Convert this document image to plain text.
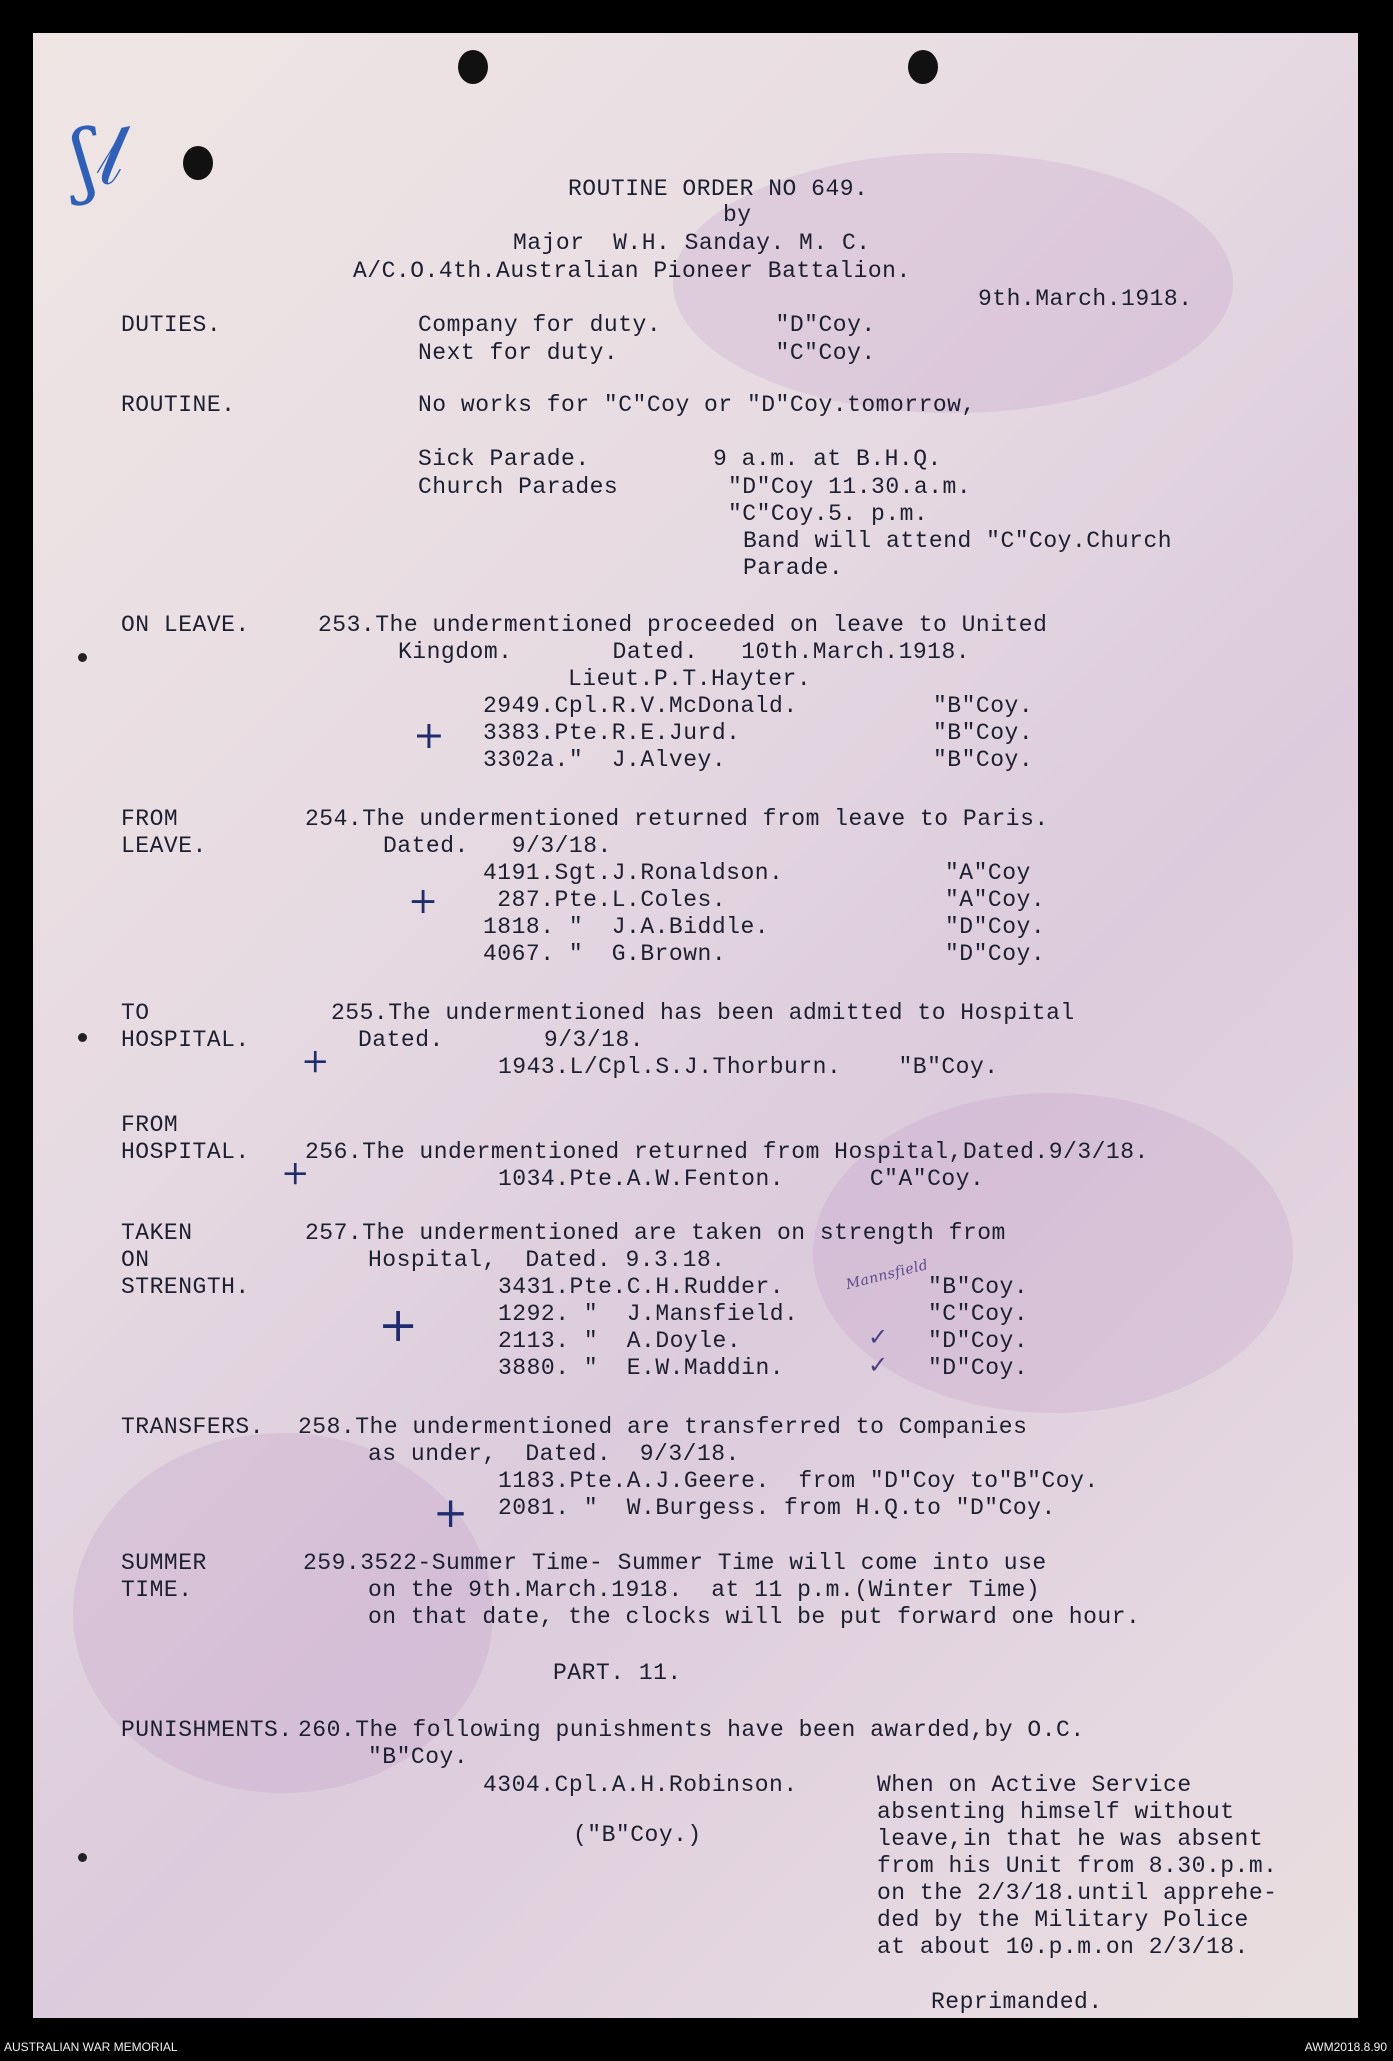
ʃ𝓁	ROUTINE ORDER NO 649.
by
Major  W.H. Sanday. M. C.
A/C.O.4th.Australian Pioneer Battalion.
9th.March.1918.
DUTIES.	Company for duty.        "D"Coy.
Next for duty.           "C"Coy.
ROUTINE.	No works for "C"Coy or "D"Coy.tomorrow,
Sick Parade.	9 a.m. at B.H.Q.
Church Parades	"D"Coy 11.30.a.m.
"C"Coy.5. p.m.
Band will attend "C"Coy.Church
Parade.
ON LEAVE.	253.The undermentioned proceeded on leave to United
Kingdom.       Dated.   10th.March.1918.
Lieut.P.T.Hayter.
2949.Cpl.R.V.McDonald.	"B"Coy.
3383.Pte.R.E.Jurd.	"B"Coy.
3302a."  J.Alvey.	"B"Coy.
+
FROM
LEAVE.
254.The undermentioned returned from leave to Paris.
Dated.   9/3/18.
4191.Sgt.J.Ronaldson.	"A"Coy
287.Pte.L.Coles.	"A"Coy.
1818. "  J.A.Biddle.	"D"Coy.
4067. "  G.Brown.	"D"Coy.
+
TO
HOSPITAL.
255.The undermentioned has been admitted to Hospital
Dated.       9/3/18.
1943.L/Cpl.S.J.Thorburn.    "B"Coy.
+
FROM
HOSPITAL. 256.The undermentioned returned from Hospital,Dated.9/3/18.
1034.Pte.A.W.Fenton.      C"A"Coy.
+
TAKEN
ON
STRENGTH.
257.The undermentioned are taken on strength from
Hospital,  Dated. 9.3.18.
3431.Pte.C.H.Rudder.	"B"Coy.
1292. "  J.Mansfield.	"C"Coy.
2113. "  A.Doyle.	"D"Coy.
3880. "  E.W.Maddin.	"D"Coy.
Mannsfield
+	✓
✓
TRANSFERS. 258.The undermentioned are transferred to Companies
as under,  Dated.  9/3/18.
1183.Pte.A.J.Geere.  from "D"Coy to"B"Coy.
2081. "  W.Burgess. from H.Q.to "D"Coy.
+
SUMMER
TIME.
259.3522-Summer Time- Summer Time will come into use
on the 9th.March.1918.  at 11 p.m.(Winter Time)
on that date, the clocks will be put forward one hour.
PART. 11.
PUNISHMENTS. 260.The following punishments have been awarded,by O.C.
"B"Coy.
4304.Cpl.A.H.Robinson.
("B"Coy.)
When on Active Service
absenting himself without
leave,in that he was absent
from his Unit from 8.30.p.m.
on the 2/3/18.until apprehe-
ded by the Military Police
at about 10.p.m.on 2/3/18.
Reprimanded.
AUSTRALIAN WAR MEMORIAL	AWM2018.8.90
